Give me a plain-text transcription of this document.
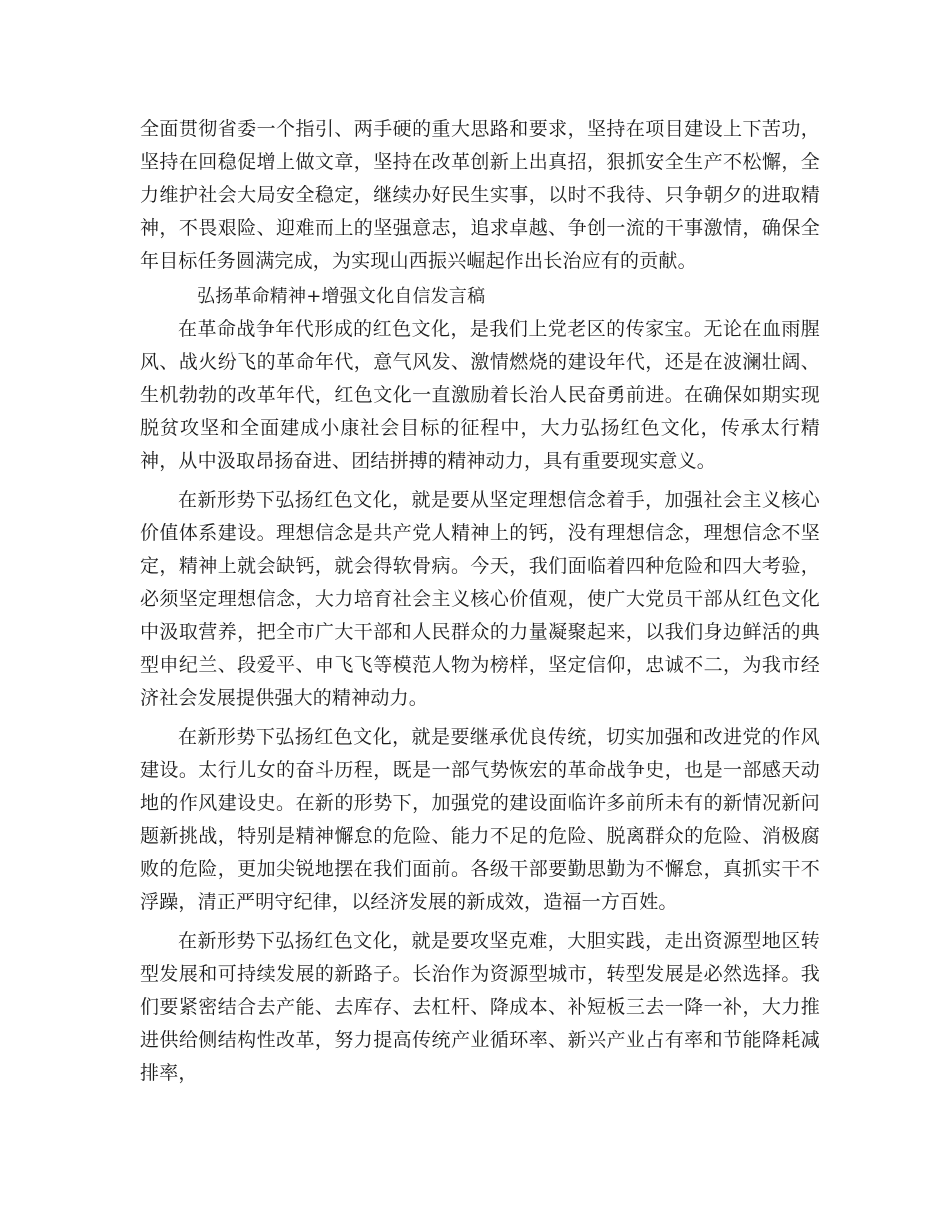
全面贯彻省委一个指引、两手硬的重大思路和要求，坚持在项目建设上下苦功，坚持在回稳促增上做文章，坚持在改革创新上出真招，狠抓安全生产不松懈，全力维护社会大局安全稳定，继续办好民生实事，以时不我待、只争朝夕的进取精神，不畏艰险、迎难而上的坚强意志，追求卓越、争创一流的干事激情，确保全年目标任务圆满完成，为实现山西振兴崛起作出长治应有的贡献。

弘扬革命精神+增强文化自信发言稿

在革命战争年代形成的红色文化，是我们上党老区的传家宝。无论在血雨腥风、战火纷飞的革命年代，意气风发、激情燃烧的建设年代，还是在波澜壮阔、生机勃勃的改革年代，红色文化一直激励着长治人民奋勇前进。在确保如期实现脱贫攻坚和全面建成小康社会目标的征程中，大力弘扬红色文化，传承太行精神，从中汲取昂扬奋进、团结拼搏的精神动力，具有重要现实意义。

在新形势下弘扬红色文化，就是要从坚定理想信念着手，加强社会主义核心价值体系建设。理想信念是共产党人精神上的钙，没有理想信念，理想信念不坚定，精神上就会缺钙，就会得软骨病。今天，我们面临着四种危险和四大考验，必须坚定理想信念，大力培育社会主义核心价值观，使广大党员干部从红色文化中汲取营养，把全市广大干部和人民群众的力量凝聚起来，以我们身边鲜活的典型申纪兰、段爱平、申飞飞等模范人物为榜样，坚定信仰，忠诚不二，为我市经济社会发展提供强大的精神动力。

在新形势下弘扬红色文化，就是要继承优良传统，切实加强和改进党的作风建设。太行儿女的奋斗历程，既是一部气势恢宏的革命战争史，也是一部感天动地的作风建设史。在新的形势下，加强党的建设面临许多前所未有的新情况新问题新挑战，特别是精神懈怠的危险、能力不足的危险、脱离群众的危险、消极腐败的危险，更加尖锐地摆在我们面前。各级干部要勤思勤为不懈怠，真抓实干不浮躁，清正严明守纪律，以经济发展的新成效，造福一方百姓。

在新形势下弘扬红色文化，就是要攻坚克难，大胆实践，走出资源型地区转型发展和可持续发展的新路子。长治作为资源型城市，转型发展是必然选择。我们要紧密结合去产能、去库存、去杠杆、降成本、补短板三去一降一补，大力推进供给侧结构性改革，努力提高传统产业循环率、新兴产业占有率和节能降耗减排率，
